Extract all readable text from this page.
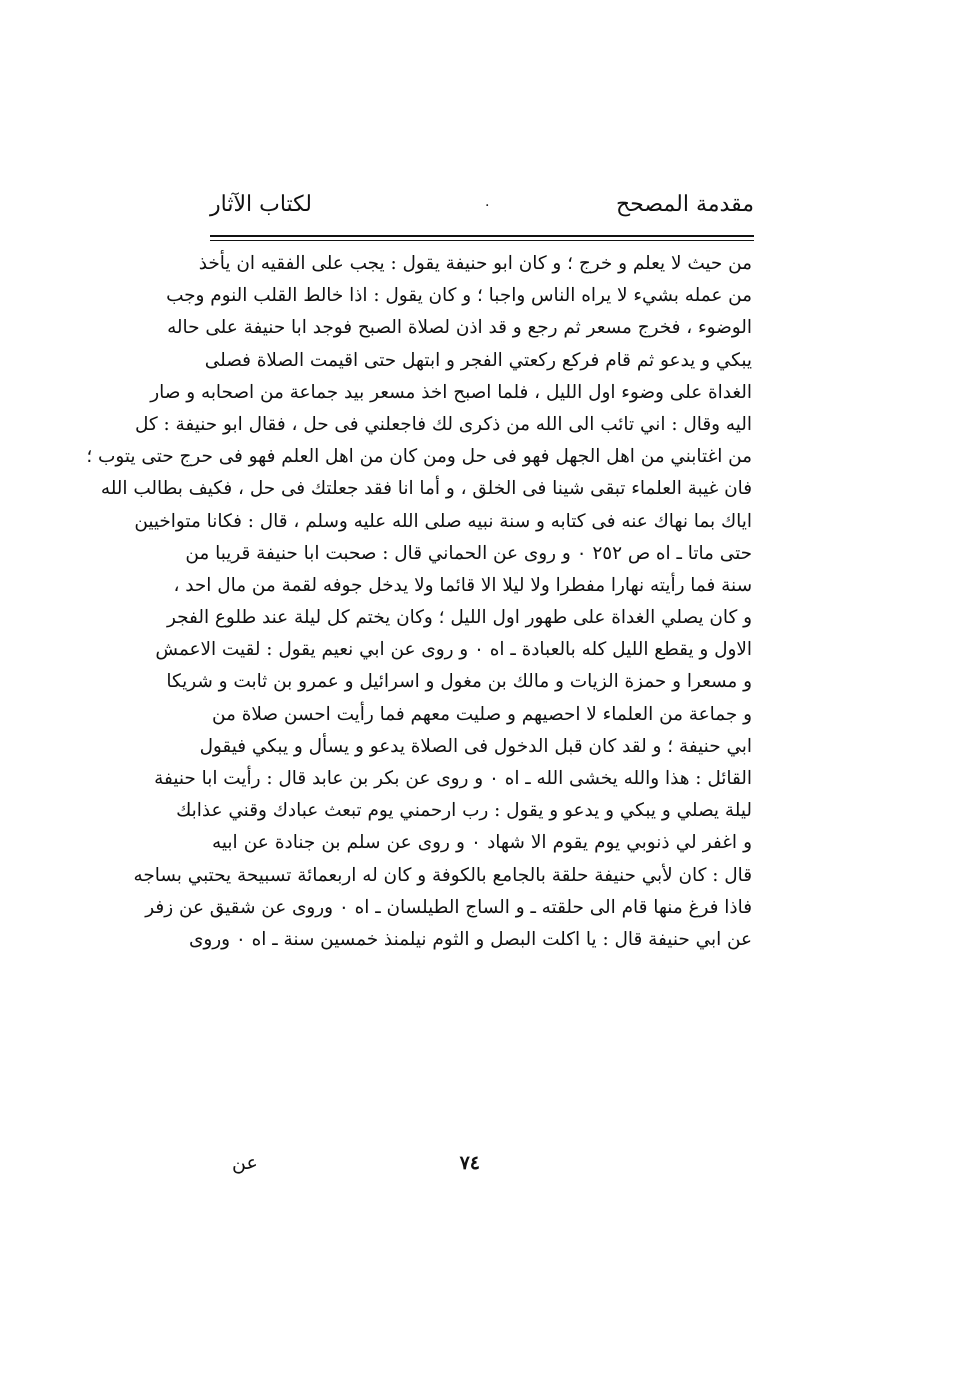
مقدمة المصحح
·
لكتاب الآثار
من حيث لا يعلم و خرج ؛ و كان ابو حنيفة يقول : يجب على الفقيه ان يأخذ
من عمله بشيء لا يراه الناس واجبا ؛ و كان يقول : اذا خالط القلب النوم وجب
الوضوء ، فخرج مسعر ثم رجع و قد اذن لصلاة الصبح فوجد ابا حنيفة على حاله
يبكي و يدعو ثم قام فركع ركعتي الفجر و ابتهل حتى اقيمت الصلاة فصلى
الغداة على وضوء اول الليل ، فلما اصبح اخذ مسعر بيد جماعة من اصحابه و صار
اليه وقال : اني تائب الى الله من ذكرى لك فاجعلني فى حل ، فقال ابو حنيفة : كل
من اغتابني من اهل الجهل فهو فى حل ومن كان من اهل العلم فهو فى حرج حتى يتوب ؛
فان غيبة العلماء تبقى شينا فى الخلق ، و أما انا فقد جعلتك فى حل ، فكيف بطالب الله
اياك بما نهاك عنه فى كتابه و سنة نبيه صلى الله عليه وسلم ، قال : فكانا متواخيين
حتى ماتا ـ اه ص ٢٥٢ ۰ و روى عن الحماني قال : صحبت ابا حنيفة قريبا من
سنة فما رأيته نهارا مفطرا ولا ليلا الا قائما ولا يدخل جوفه لقمة من مال احد ،
و كان يصلي الغداة على طهور اول الليل ؛ وكان يختم كل ليلة عند طلوع الفجر
الاول و يقطع الليل كله بالعبادة ـ اه ۰ و روى عن ابي نعيم يقول : لقيت الاعمش
و مسعرا و حمزة الزيات و مالك بن مغول و اسرائيل و عمرو بن ثابت و شريكا
و جماعة من العلماء لا احصيهم و صليت معهم فما رأيت احسن صلاة من
ابي حنيفة ؛ و لقد كان قبل الدخول فى الصلاة يدعو و يسأل و يبكي فيقول
القائل : هذا والله يخشى الله ـ اه ۰ و روى عن بكر بن عابد قال : رأيت ابا حنيفة
ليلة يصلي و يبكي و يدعو و يقول : رب ارحمني يوم تبعث عبادك وقني عذابك
و اغفر لي ذنوبي يوم يقوم الا شهاد ۰ و روى عن سلم بن جنادة عن ابيه
قال : كان لأبي حنيفة حلقة بالجامع بالكوفة و كان له اربعمائة تسبيحة يحتبي بساجه
فاذا فرغ منها قام الى حلقته ـ و الساج الطيلسان ـ اه ۰ وروى عن شقيق عن زفر
عن ابي حنيفة قال : يا اكلت البصل و الثوم نيلمنذ خمسين سنة ـ اه ۰ وروى
٧٤
عن
